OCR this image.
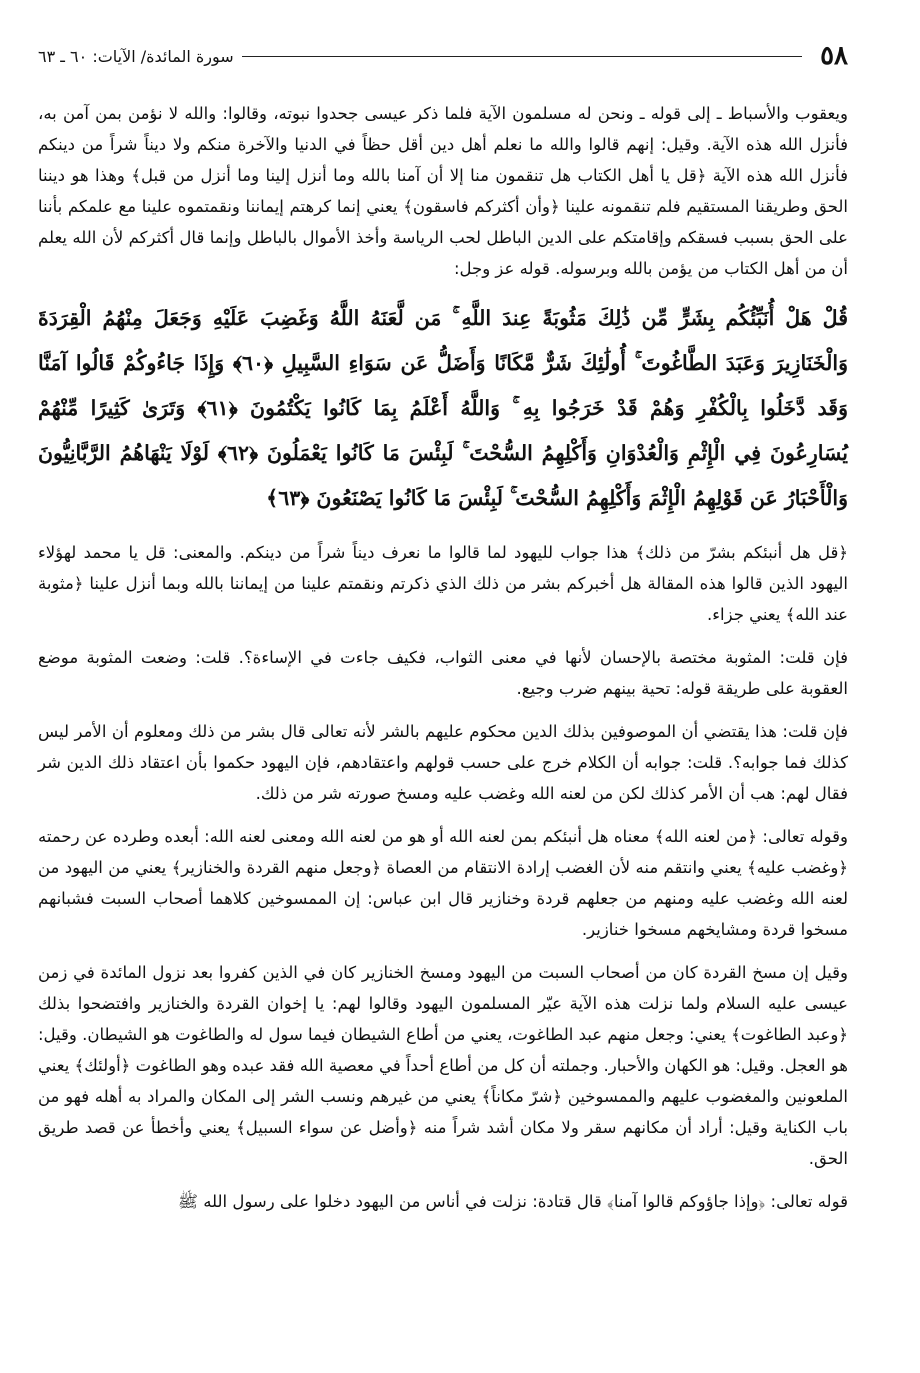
٥٨
سورة المائدة/ الآيات: ٦٠ ـ ٦٣

ويعقوب والأسباط ـ إلى قوله ـ ونحن له مسلمون الآية فلما ذكر عيسى جحدوا نبوته، وقالوا: والله لا نؤمن بمن آمن به، فأنزل الله هذه الآية. وقيل: إنهم قالوا والله ما نعلم أهل دين أقل حظاً في الدنيا والآخرة منكم ولا ديناً شراً من دينكم فأنزل الله هذه الآية ﴿قل يا أهل الكتاب هل تنقمون منا إلا أن آمنا بالله وما أنزل إلينا وما أنزل من قبل﴾ وهذا هو ديننا الحق وطريقنا المستقيم فلم تنقمونه علينا ﴿وأن أكثركم فاسقون﴾ يعني إنما كرهتم إيماننا ونقمتموه علينا مع علمكم بأننا على الحق بسبب فسقكم وإقامتكم على الدين الباطل لحب الرياسة وأخذ الأموال بالباطل وإنما قال أكثركم لأن الله يعلم أن من أهل الكتاب من يؤمن بالله وبرسوله. قوله عز وجل:

قُلْ هَلْ أُنَبِّئُكُم بِشَرٍّ مِّن ذَٰلِكَ مَثُوبَةً عِندَ اللَّهِ ۚ مَن لَّعَنَهُ اللَّهُ وَغَضِبَ عَلَيْهِ وَجَعَلَ مِنْهُمُ الْقِرَدَةَ وَالْخَنَازِيرَ وَعَبَدَ الطَّاغُوتَ ۚ أُولَٰئِكَ شَرٌّ مَّكَانًا وَأَضَلُّ عَن سَوَاءِ السَّبِيلِ ﴿٦٠﴾ وَإِذَا جَاءُوكُمْ قَالُوا آمَنَّا وَقَد دَّخَلُوا بِالْكُفْرِ وَهُمْ قَدْ خَرَجُوا بِهِ ۚ وَاللَّهُ أَعْلَمُ بِمَا كَانُوا يَكْتُمُونَ ﴿٦١﴾ وَتَرَىٰ كَثِيرًا مِّنْهُمْ يُسَارِعُونَ فِي الْإِثْمِ وَالْعُدْوَانِ وَأَكْلِهِمُ السُّحْتَ ۚ لَبِئْسَ مَا كَانُوا يَعْمَلُونَ ﴿٦٢﴾ لَوْلَا يَنْهَاهُمُ الرَّبَّانِيُّونَ وَالْأَحْبَارُ عَن قَوْلِهِمُ الْإِثْمَ وَأَكْلِهِمُ السُّحْتَ ۚ لَبِئْسَ مَا كَانُوا يَصْنَعُونَ ﴿٦٣﴾

﴿قل هل أنبئكم بشرّ من ذلك﴾ هذا جواب لليهود لما قالوا ما نعرف ديناً شراً من دينكم. والمعنى: قل يا محمد لهؤلاء اليهود الذين قالوا هذه المقالة هل أخبركم بشر من ذلك الذي ذكرتم ونقمتم علينا من إيماننا بالله وبما أنزل علينا ﴿مثوبة عند الله﴾ يعني جزاء.

فإن قلت: المثوبة مختصة بالإحسان لأنها في معنى الثواب، فكيف جاءت في الإساءة؟. قلت: وضعت المثوبة موضع العقوبة على طريقة قوله: تحية بينهم ضرب وجيع.

فإن قلت: هذا يقتضي أن الموصوفين بذلك الدين محكوم عليهم بالشر لأنه تعالى قال بشر من ذلك ومعلوم أن الأمر ليس كذلك فما جوابه؟. قلت: جوابه أن الكلام خرج على حسب قولهم واعتقادهم، فإن اليهود حكموا بأن اعتقاد ذلك الدين شر فقال لهم: هب أن الأمر كذلك لكن من لعنه الله وغضب عليه ومسخ صورته شر من ذلك.

وقوله تعالى: ﴿من لعنه الله﴾ معناه هل أنبئكم بمن لعنه الله أو هو من لعنه الله ومعنى لعنه الله: أبعده وطرده عن رحمته ﴿وغضب عليه﴾ يعني وانتقم منه لأن الغضب إرادة الانتقام من العصاة ﴿وجعل منهم القردة والخنازير﴾ يعني من اليهود من لعنه الله وغضب عليه ومنهم من جعلهم قردة وخنازير قال ابن عباس: إن الممسوخين كلاهما أصحاب السبت فشبانهم مسخوا قردة ومشايخهم مسخوا خنازير.

وقيل إن مسخ القردة كان من أصحاب السبت من اليهود ومسخ الخنازير كان في الذين كفروا بعد نزول المائدة في زمن عيسى عليه السلام ولما نزلت هذه الآية عيّر المسلمون اليهود وقالوا لهم: يا إخوان القردة والخنازير وافتضحوا بذلك ﴿وعبد الطاغوت﴾ يعني: وجعل منهم عبد الطاغوت، يعني من أطاع الشيطان فيما سول له والطاغوت هو الشيطان. وقيل: هو العجل. وقيل: هو الكهان والأحبار. وجملته أن كل من أطاع أحداً في معصية الله فقد عبده وهو الطاغوت ﴿أولئك﴾ يعني الملعونين والمغضوب عليهم والممسوخين ﴿شرّ مكاناً﴾ يعني من غيرهم ونسب الشر إلى المكان والمراد به أهله فهو من باب الكناية وقيل: أراد أن مكانهم سقر ولا مكان أشد شراً منه ﴿وأضل عن سواء السبيل﴾ يعني وأخطأ عن قصد طريق الحق.

قوله تعالى: ﴿وإذا جاؤوكم قالوا آمنا﴾ قال قتادة: نزلت في أناس من اليهود دخلوا على رسول الله ﷺ
